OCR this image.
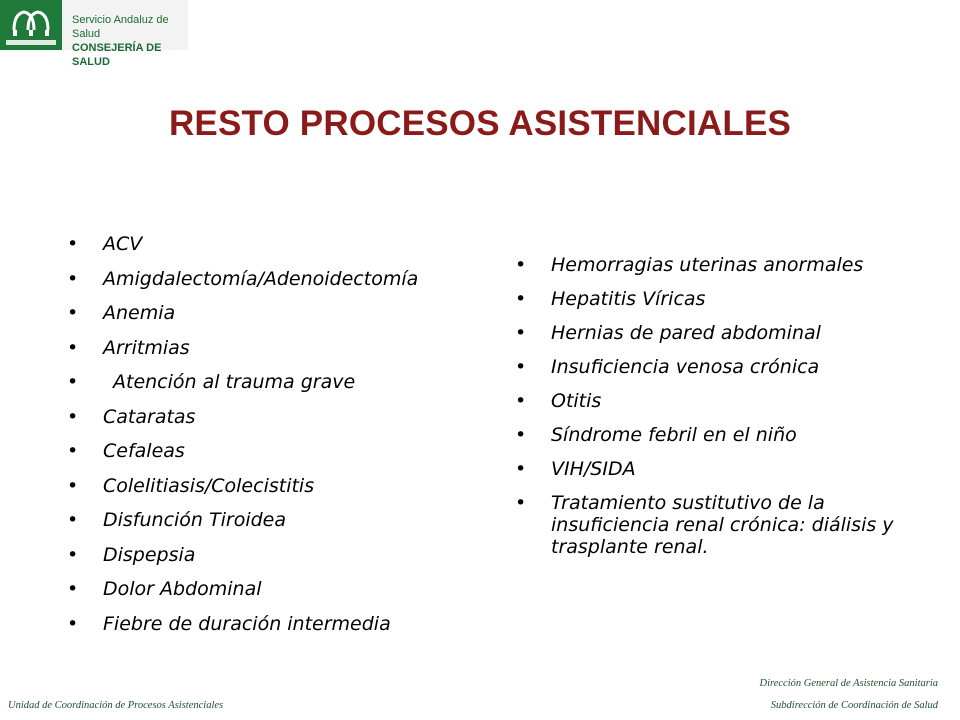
Servicio Andaluz de Salud
CONSEJERÍA DE SALUD
RESTO PROCESOS ASISTENCIALES
• ACV
• Amigdalectomía/Adenoidectomía
• Anemia
• Arritmias
• Atención al trauma grave
• Cataratas
• Cefaleas
• Colelitiasis/Colecistitis
• Disfunción Tiroidea
• Dispepsia
• Dolor Abdominal
• Fiebre de duración intermedia
• Hemorragias uterinas anormales
• Hepatitis Víricas
• Hernias de pared abdominal
• Insuficiencia venosa crónica
• Otitis
• Síndrome febril en el niño
• VIH/SIDA
• Tratamiento sustitutivo de la insuficiencia renal crónica: diálisis y trasplante renal.
Unidad de Coordinación de Procesos Asistenciales
Dirección General de Asistencia Sanitaria
Subdirección de Coordinación de Salud
